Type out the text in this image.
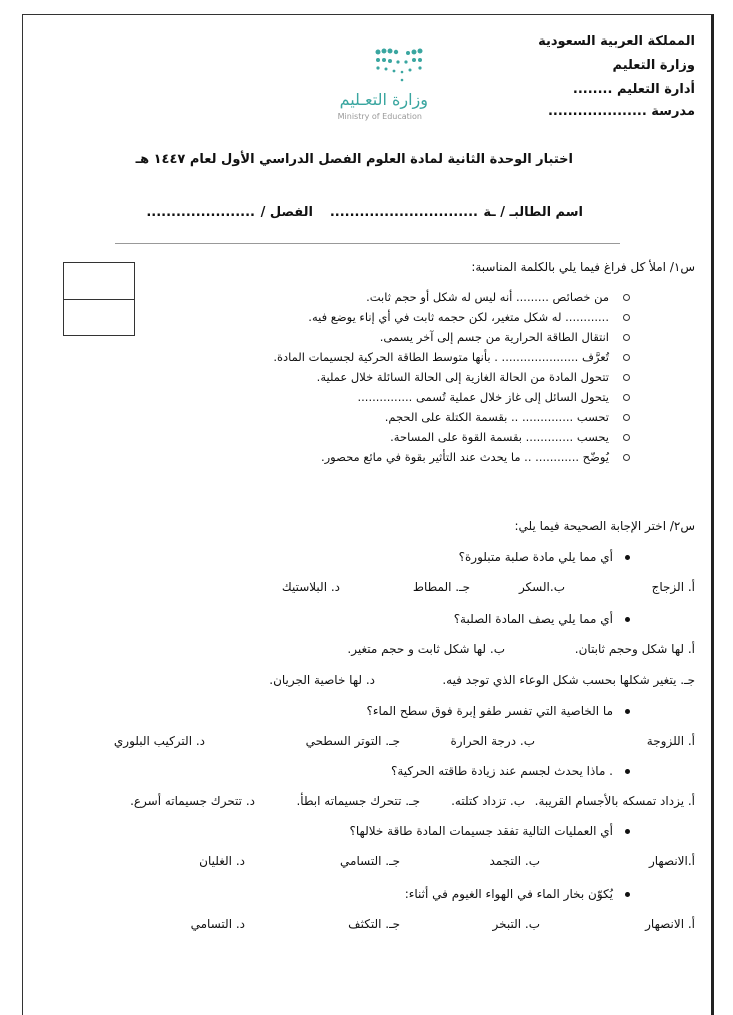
المملكة العربية السعودية
وزارة التعليم
أدارة التعليم ........
مدرسة ....................
وزارة التعـليم
Ministry of Education
اختبار الوحدة الثانية لمادة العلوم الفصل الدراسي الأول لعام ١٤٤٧ هـ
اسم الطالبـ / ـة
..............................
الفصل /
......................
س١/ املأ كل فراغ فيما يلي بالكلمة المناسبة:
من خصائص ......... أنه ليس له شكل أو حجم ثابت.
............ له شكل متغير، لكن حجمه ثابت في أي إناء يوضع فيه.
انتقال الطاقة الحرارية من جسم إلى آخر يسمى.
تُعرَّف ..................... . بأنها متوسط الطاقة الحركية لجسيمات المادة.
تتحول المادة من الحالة الغازية إلى الحالة السائلة خلال عملية.
يتحول السائل إلى غاز خلال عملية تُسمى ...............
تحسب .............. .. بقسمة الكتلة على الحجم.
يحسب ............. بقسمة القوة على المساحة.
يُوضّح ............ .. ما يحدث عند التأثير بقوة في مائع محصور.
س٢/ اختر الإجابة الصحيحة فيما يلي:
أي مما يلي مادة صلبة متبلورة؟
أ. الزجاج
ب.السكر
جـ. المطاط
د. البلاستيك
أي مما يلي يصف المادة الصلبة؟
أ. لها شكل وحجم ثابتان.
ب. لها شكل ثابت و حجم متغير.
جـ. يتغير شكلها بحسب شكل الوعاء الذي توجد فيه.
د. لها خاصية الجريان.
ما الخاصية التي تفسر طفو إبرة فوق سطح الماء؟
أ. اللزوجة
ب. درجة الحرارة
جـ. التوتر السطحي
د. التركيب البلوري
. ماذا يحدث لجسم عند زيادة طاقته الحركية؟
أ. يزداد تمسكه بالأجسام القريبة.
ب. تزداد كتلته.
جـ. تتحرك جسيماته ابطأ.
د. تتحرك جسيماته أسرع.
أي العمليات التالية تفقد جسيمات المادة طاقة خلالها؟
أ.الانصهار
ب. التجمد
جـ. التسامي
د. الغليان
يُكوّن بخار الماء في الهواء الغيوم في أثناء:
أ. الانصهار
ب. التبخر
جـ. التكثف
د. التسامي
